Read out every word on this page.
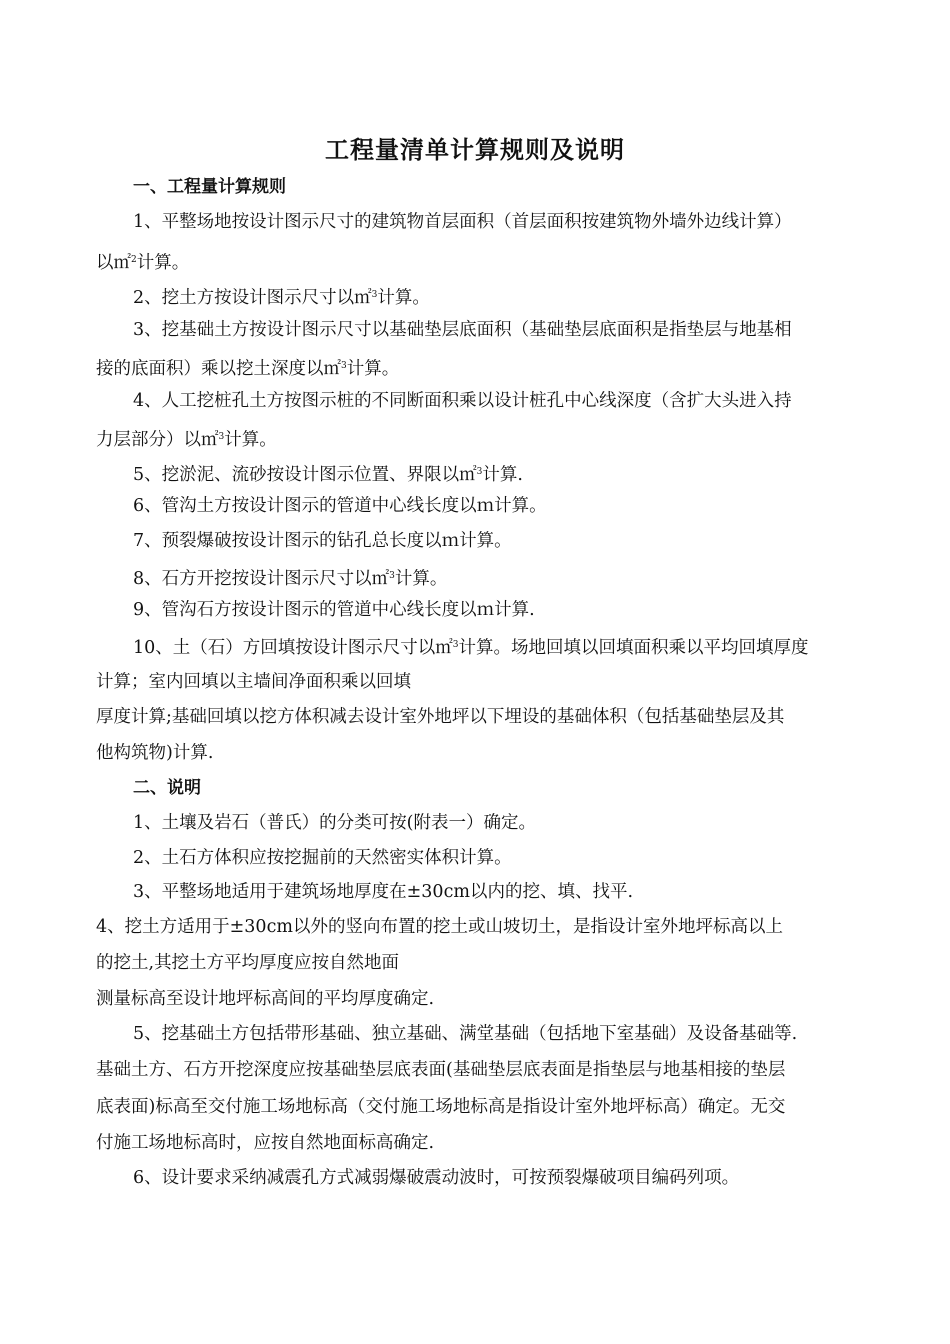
工程量清单计算规则及说明
一、工程量计算规则
1、平整场地按设计图示尺寸的建筑物首层面积（首层面积按建筑物外墙外边线计算）
以㎡$^2$计算。
2、挖土方按设计图示尺寸以㎡$^3$计算。
3、挖基础土方按设计图示尺寸以基础垫层底面积（基础垫层底面积是指垫层与地基相
接的底面积）乘以挖土深度以㎡$^3$计算。
4、人工挖桩孔土方按图示桩的不同断面积乘以设计桩孔中心线深度（含扩大头进入持
力层部分）以㎡$^3$计算。
5、挖淤泥、流砂按设计图示位置、界限以㎡$^3$计算.
6、管沟土方按设计图示的管道中心线长度以ｍ计算。
7、预裂爆破按设计图示的钻孔总长度以ｍ计算。
8、石方开挖按设计图示尺寸以㎡$^3$计算。
9、管沟石方按设计图示的管道中心线长度以ｍ计算.
10、土（石）方回填按设计图示尺寸以㎡$^3$计算。场地回填以回填面积乘以平均回填厚度
计算；室内回填以主墙间净面积乘以回填
厚度计算;基础回填以挖方体积减去设计室外地坪以下埋设的基础体积（包括基础垫层及其
他构筑物)计算.
二、说明
1、土壤及岩石（普氏）的分类可按(附表一）确定。
2、土石方体积应按挖掘前的天然密实体积计算。
3、平整场地适用于建筑场地厚度在±30cm以内的挖、填、找平.
4、挖土方适用于±30cm以外的竖向布置的挖土或山坡切土，是指设计室外地坪标高以上
的挖土,其挖土方平均厚度应按自然地面
测量标高至设计地坪标高间的平均厚度确定.
5、挖基础土方包括带形基础、独立基础、满堂基础（包括地下室基础）及设备基础等.
基础土方、石方开挖深度应按基础垫层底表面(基础垫层底表面是指垫层与地基相接的垫层
底表面)标高至交付施工场地标高（交付施工场地标高是指设计室外地坪标高）确定。无交
付施工场地标高时，应按自然地面标高确定.
6、设计要求采纳减震孔方式减弱爆破震动波时，可按预裂爆破项目编码列项。
